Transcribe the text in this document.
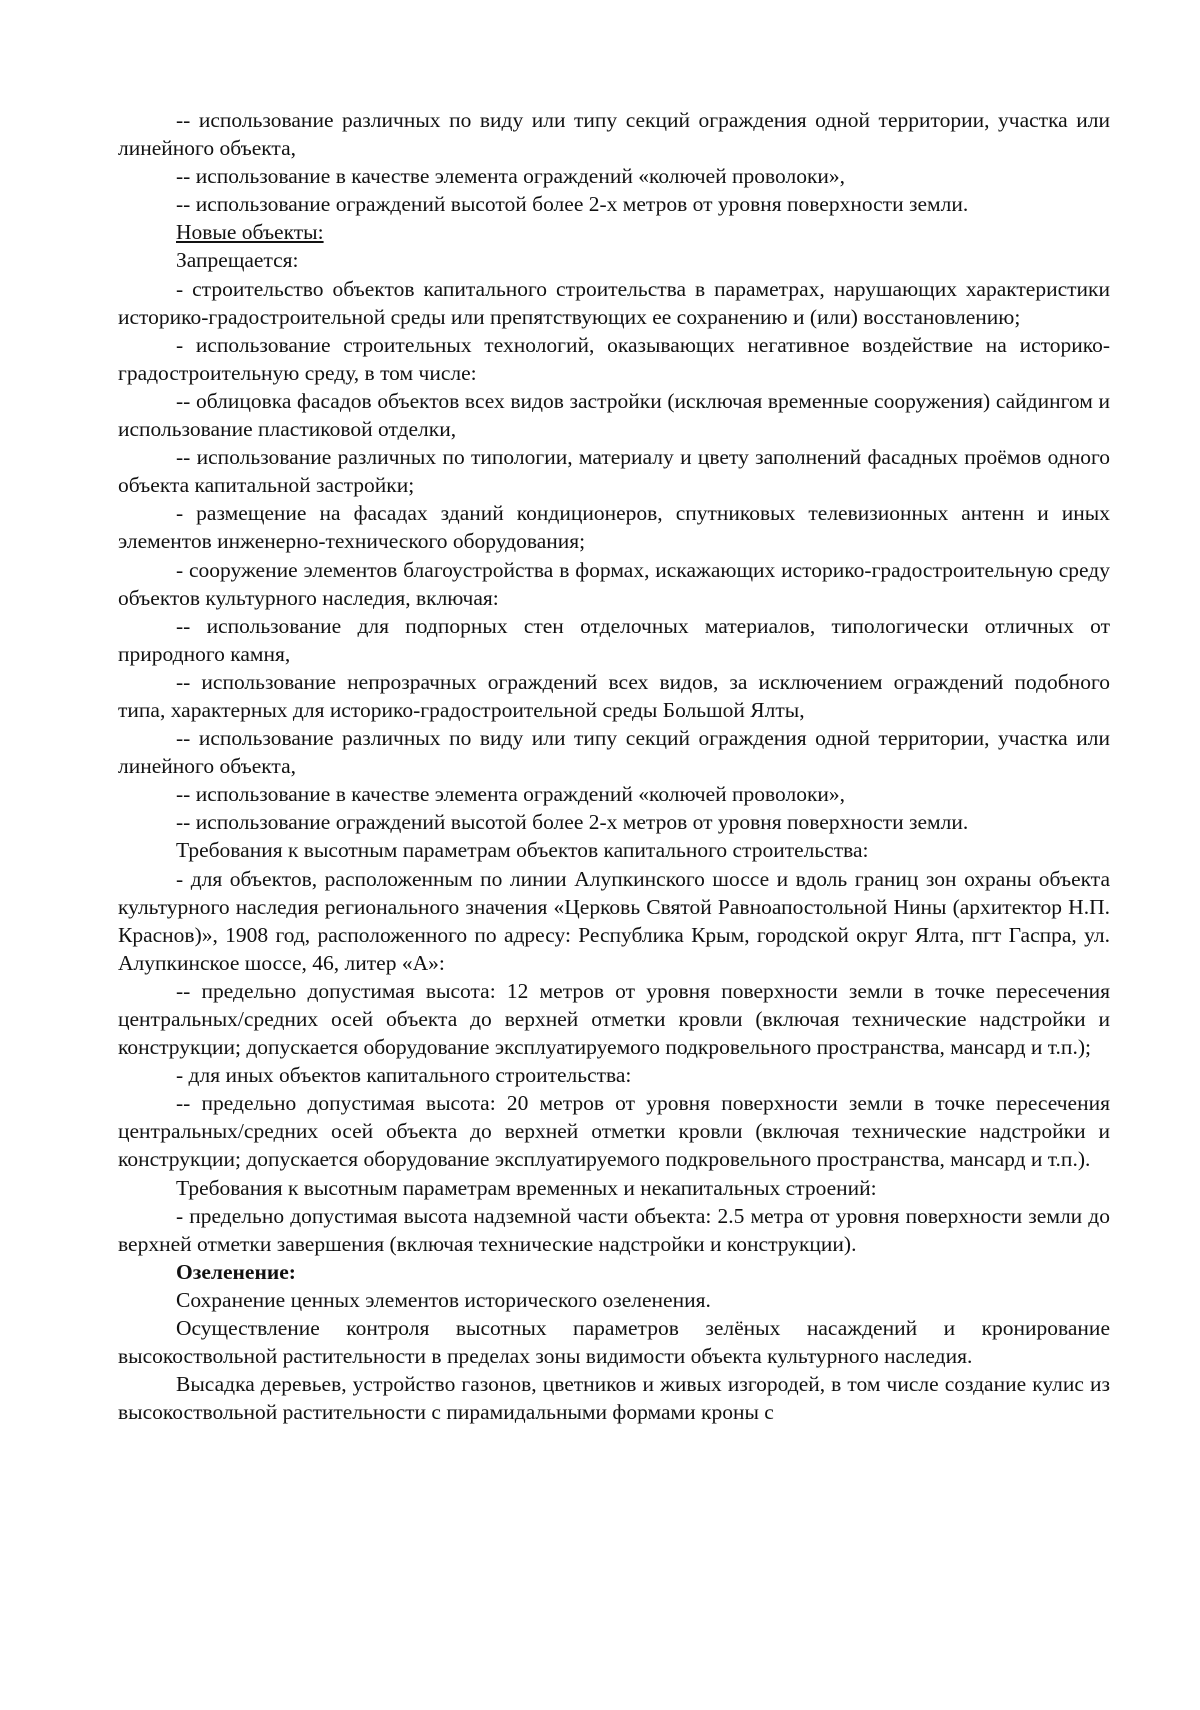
-- использование различных по виду или типу секций ограждения одной территории, участка или линейного объекта,

-- использование в качестве элемента ограждений «колючей проволоки»,

-- использование ограждений высотой более 2-х метров от уровня поверхности земли.

Новые объекты:

Запрещается:

- строительство объектов капитального строительства в параметрах, нарушающих характеристики историко-градостроительной среды или препятствующих ее сохранению и (или) восстановлению;

- использование строительных технологий, оказывающих негативное воздействие на историко-градостроительную среду, в том числе:

-- облицовка фасадов объектов всех видов застройки (исключая временные сооружения) сайдингом и использование пластиковой отделки,

-- использование различных по типологии, материалу и цвету заполнений фасадных проёмов одного объекта капитальной застройки;

- размещение на фасадах зданий кондиционеров, спутниковых телевизионных антенн и иных элементов инженерно-технического оборудования;

- сооружение элементов благоустройства в формах, искажающих историко-градостроительную среду объектов культурного наследия, включая:

-- использование для подпорных стен отделочных материалов, типологически отличных от природного камня,

-- использование непрозрачных ограждений всех видов, за исключением ограждений подобного типа, характерных для историко-градостроительной среды Большой Ялты,

-- использование различных по виду или типу секций ограждения одной территории, участка или линейного объекта,

-- использование в качестве элемента ограждений «колючей проволоки»,

-- использование ограждений высотой более 2-х метров от уровня поверхности земли.

Требования к высотным параметрам объектов капитального строительства:

- для объектов, расположенным по линии Алупкинского шоссе и вдоль границ зон охраны объекта культурного наследия регионального значения «Церковь Святой Равноапостольной Нины (архитектор Н.П. Краснов)», 1908 год, расположенного по адресу: Республика Крым, городской округ Ялта, пгт Гаспра, ул. Алупкинское шоссе, 46, литер «А»:

-- предельно допустимая высота: 12 метров от уровня поверхности земли в точке пересечения центральных/средних осей объекта до верхней отметки кровли (включая технические надстройки и конструкции; допускается оборудование эксплуатируемого подкровельного пространства, мансард и т.п.);

- для иных объектов капитального строительства:

-- предельно допустимая высота: 20 метров от уровня поверхности земли в точке пересечения центральных/средних осей объекта до верхней отметки кровли (включая технические надстройки и конструкции; допускается оборудование эксплуатируемого подкровельного пространства, мансард и т.п.).

Требования к высотным параметрам временных и некапитальных строений:

- предельно допустимая высота надземной части объекта: 2.5 метра от уровня поверхности земли до верхней отметки завершения (включая технические надстройки и конструкции).

Озеленение:

Сохранение ценных элементов исторического озеленения.

Осуществление контроля высотных параметров зелёных насаждений и кронирование высокоствольной растительности в пределах зоны видимости объекта культурного наследия.

Высадка деревьев, устройство газонов, цветников и живых изгородей, в том числе создание кулис из высокоствольной растительности с пирамидальными формами кроны с
